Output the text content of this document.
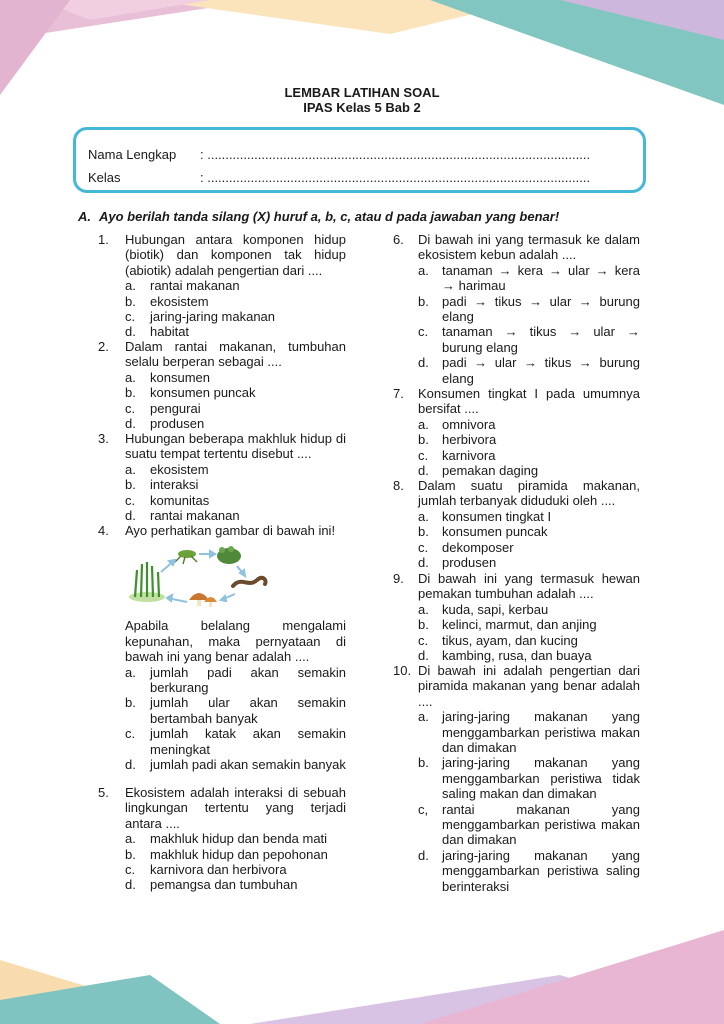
LEMBAR LATIHAN SOAL
IPAS Kelas 5 Bab 2
Nama Lengkap : ..........................................................................................................
Kelas	: ..........................................................................................................
A. Ayo berilah tanda silang (X) huruf a, b, c, atau d pada jawaban yang benar!
1. Hubungan antara komponen hidup (biotik) dan komponen tak hidup (abiotik) adalah pengertian dari ....
a. rantai makanan
b. ekosistem
c. jaring-jaring makanan
d. habitat
2. Dalam rantai makanan, tumbuhan selalu berperan sebagai ....
a. konsumen
b. konsumen puncak
c. pengurai
d. produsen
3. Hubungan beberapa makhluk hidup di suatu tempat tertentu disebut ....
a. ekosistem
b. interaksi
c. komunitas
d. rantai makanan
4. Ayo perhatikan gambar di bawah ini!
Apabila belalang mengalami kepunahan, maka pernyataan di bawah ini yang benar adalah ....
a. jumlah padi akan semakin berkurang
b. jumlah ular akan semakin bertambah banyak
c. jumlah katak akan semakin meningkat
d. jumlah padi akan semakin banyak
5. Ekosistem adalah interaksi di sebuah lingkungan tertentu yang terjadi antara ....
a. makhluk hidup dan benda mati
b. makhluk hidup dan pepohonan
c. karnivora dan herbivora
d. pemangsa dan tumbuhan
6. Di bawah ini yang termasuk ke dalam ekosistem kebun adalah ....
a. tanaman → kera → ular → kera → harimau
b. padi → tikus → ular → burung elang
c. tanaman → tikus → ular → burung elang
d. padi → ular → tikus → burung elang
7. Konsumen tingkat I pada umumnya bersifat ....
a. omnivora
b. herbivora
c. karnivora
d. pemakan daging
8. Dalam suatu piramida makanan, jumlah terbanyak diduduki oleh ....
a. konsumen tingkat I
b. konsumen puncak
c. dekomposer
d. produsen
9. Di bawah ini yang termasuk hewan pemakan tumbuhan adalah ....
a. kuda, sapi, kerbau
b. kelinci, marmut, dan anjing
c. tikus, ayam, dan kucing
d. kambing, rusa, dan buaya
10. Di bawah ini adalah pengertian dari piramida makanan yang benar adalah ....
a. jaring-jaring makanan yang menggambarkan peristiwa makan dan dimakan
b. jaring-jaring makanan yang menggambarkan peristiwa tidak saling makan dan dimakan
c, rantai makanan yang menggambarkan peristiwa makan dan dimakan
d. jaring-jaring makanan yang menggambarkan peristiwa saling berinteraksi
